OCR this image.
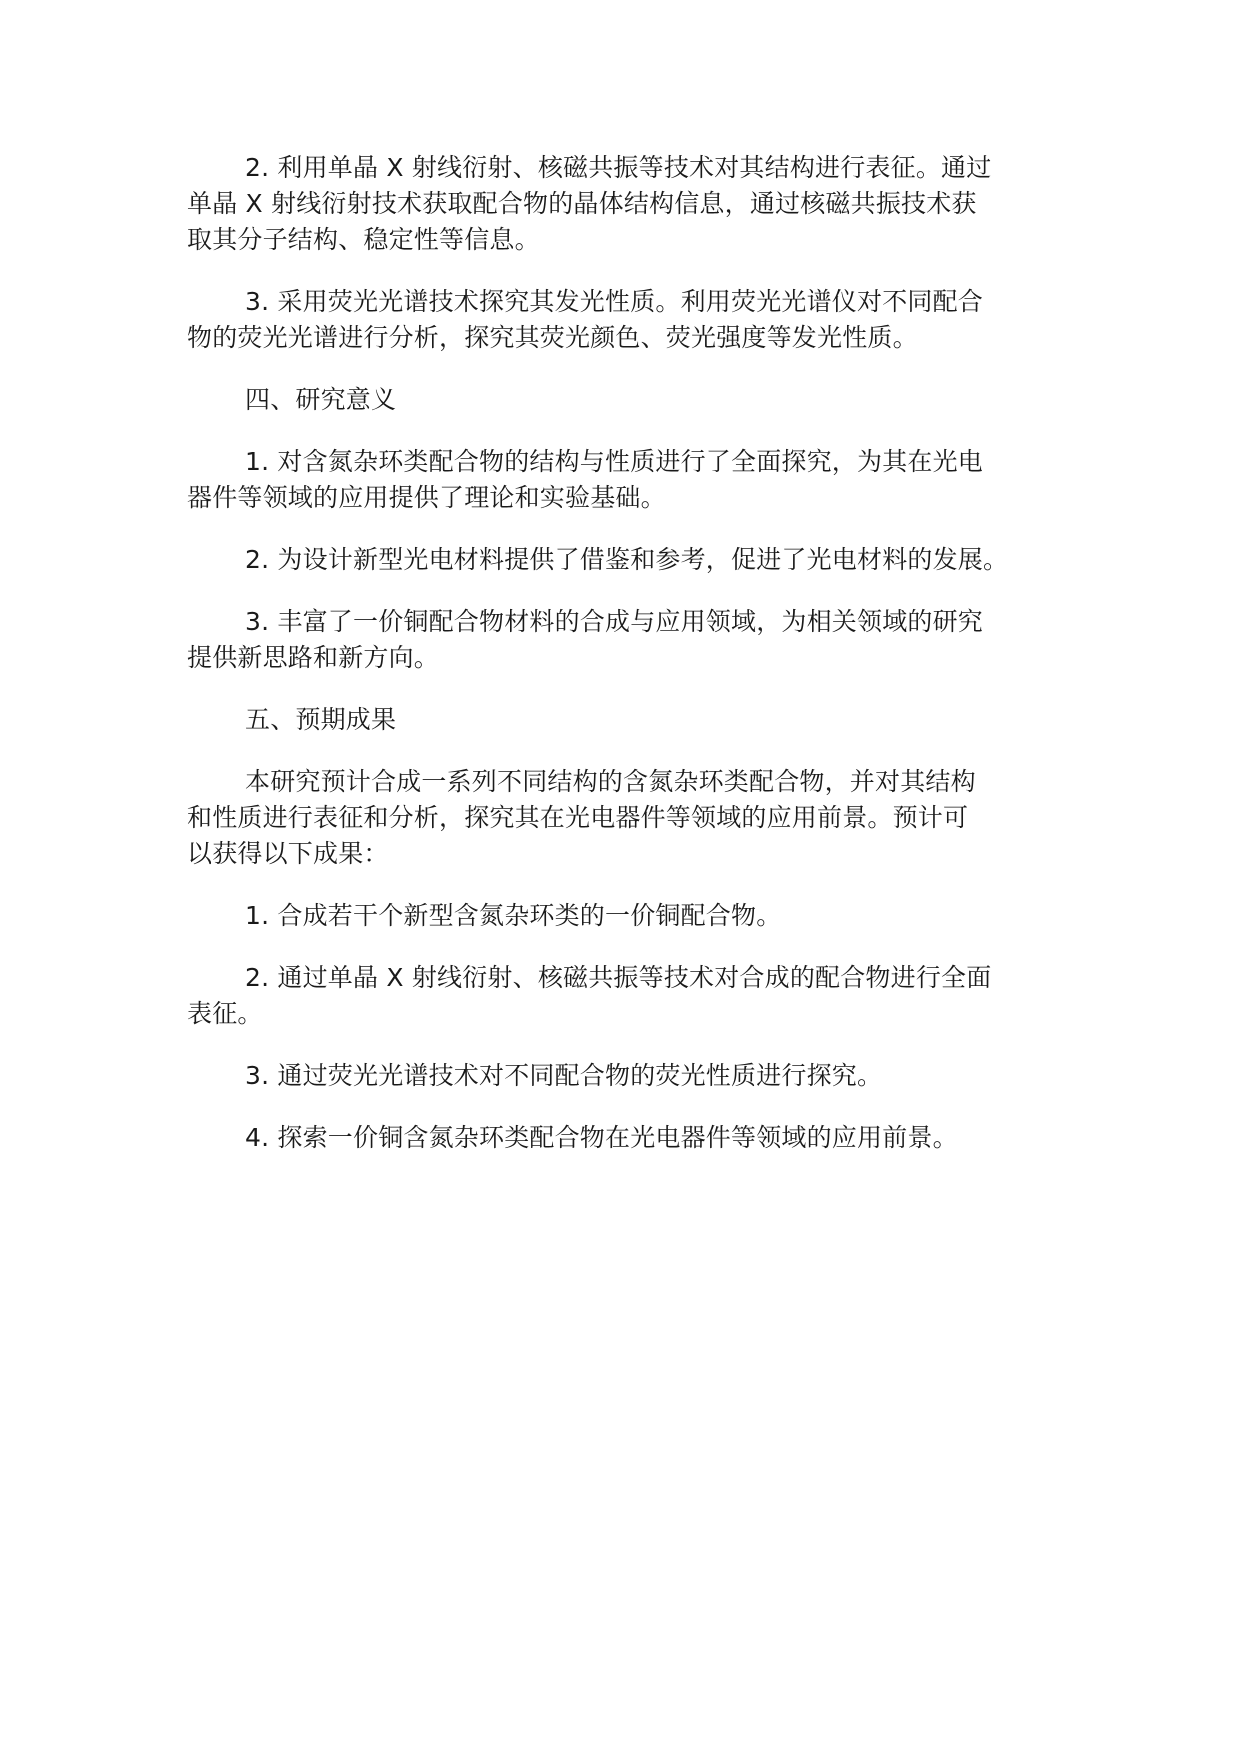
2. 利用单晶 X 射线衍射、核磁共振等技术对其结构进行表征。通过
单晶 X 射线衍射技术获取配合物的晶体结构信息，通过核磁共振技术获
取其分子结构、稳定性等信息。

3. 采用荧光光谱技术探究其发光性质。利用荧光光谱仪对不同配合
物的荧光光谱进行分析，探究其荧光颜色、荧光强度等发光性质。

四、研究意义

1. 对含氮杂环类配合物的结构与性质进行了全面探究，为其在光电
器件等领域的应用提供了理论和实验基础。

2. 为设计新型光电材料提供了借鉴和参考，促进了光电材料的发展。

3. 丰富了一价铜配合物材料的合成与应用领域，为相关领域的研究
提供新思路和新方向。

五、预期成果

本研究预计合成一系列不同结构的含氮杂环类配合物，并对其结构
和性质进行表征和分析，探究其在光电器件等领域的应用前景。预计可
以获得以下成果：

1. 合成若干个新型含氮杂环类的一价铜配合物。

2. 通过单晶 X 射线衍射、核磁共振等技术对合成的配合物进行全面
表征。

3. 通过荧光光谱技术对不同配合物的荧光性质进行探究。

4. 探索一价铜含氮杂环类配合物在光电器件等领域的应用前景。
